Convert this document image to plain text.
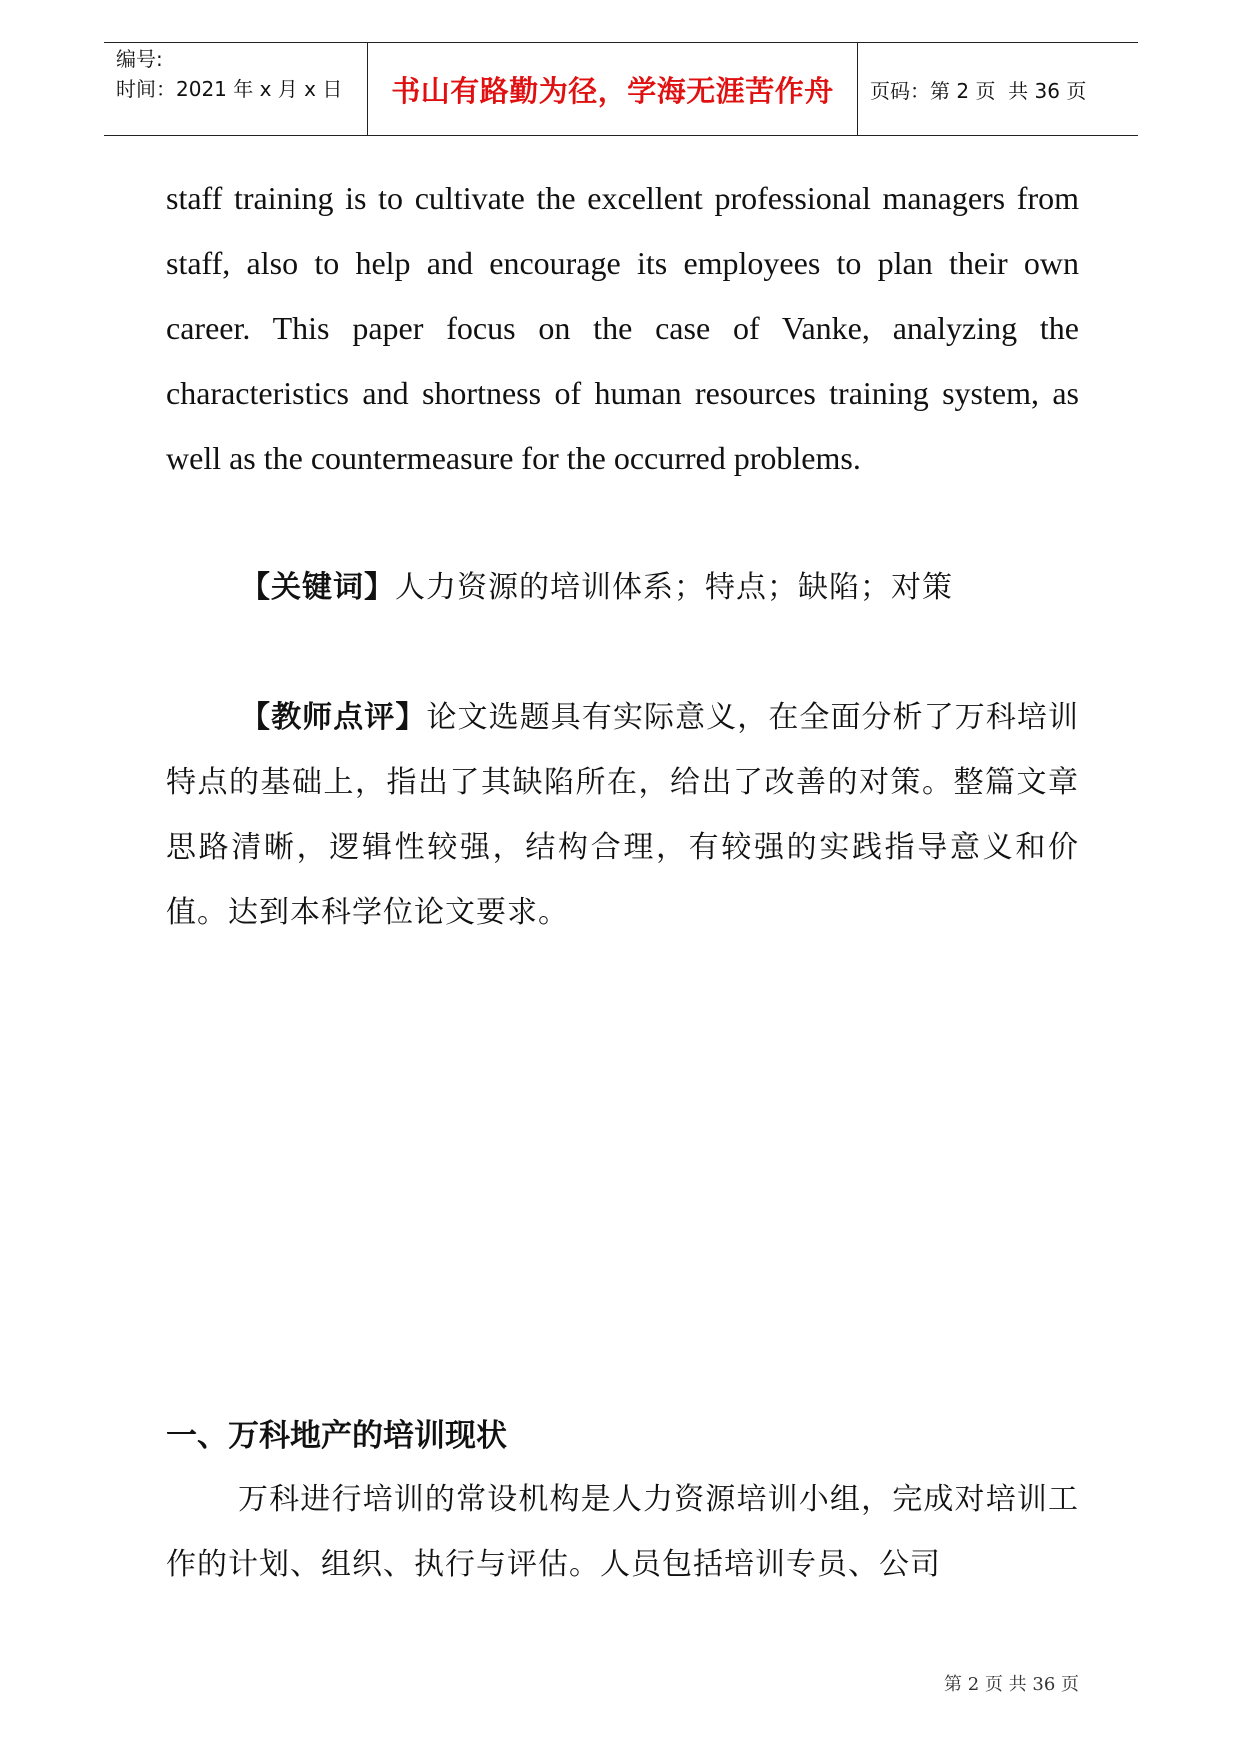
编号:
时间：2021 年 x 月 x 日	书山有路勤为径，学海无涯苦作舟	页码：第 2 页  共 36 页
staff training is to cultivate the excellent professional managers from staff, also to help and encourage its employees to plan their own career. This paper focus on the case of Vanke, analyzing the characteristics and shortness of human resources training system, as well as the countermeasure for the occurred problems.
【关键词】人力资源的培训体系；特点；缺陷；对策
【教师点评】论文选题具有实际意义，在全面分析了万科培训特点的基础上，指出了其缺陷所在，给出了改善的对策。整篇文章思路清晰，逻辑性较强，结构合理，有较强的实践指导意义和价值。达到本科学位论文要求。
一、万科地产的培训现状
万科进行培训的常设机构是人力资源培训小组，完成对培训工作的计划、组织、执行与评估。人员包括培训专员、公司
第 2 页 共 36 页
